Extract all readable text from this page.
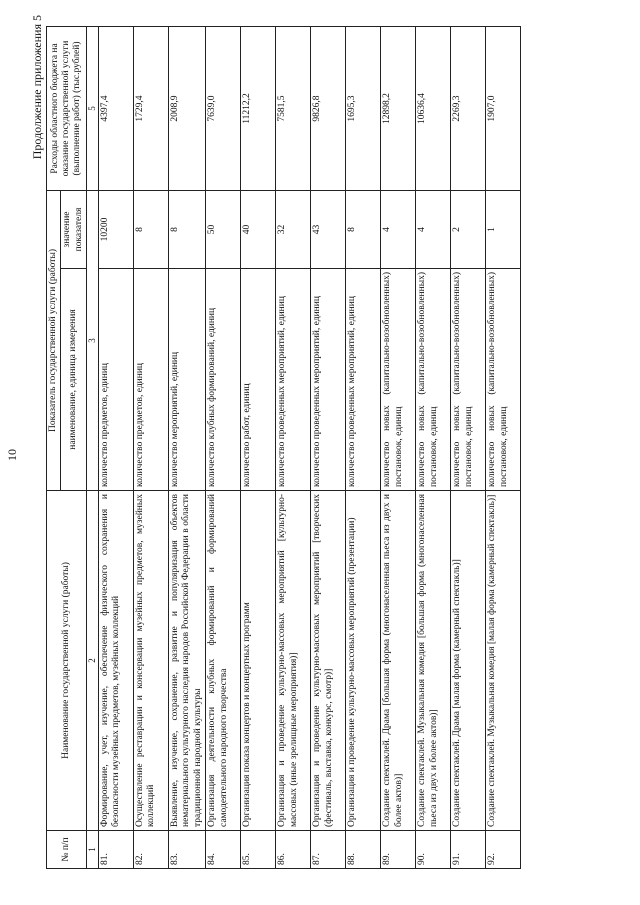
10
Продолжение приложения 5
№ п/п	Наименование государственной услуги (работы)	Показатель государственной услуги (работы)		Расходы областного бюджета на оказание государственной услуги (выполнение работ) (тыс.рублей)
		наименование, единица измерения	значение показателя	
1	2	3		5
81.	Формирование, учет, изучение, обеспечение физического сохранения и безопасности музейных предметов, музейных коллекций	количество предметов, единиц	10200	4397,4
82.	Осуществление реставрации и консервации музейных предметов, музейных коллекций	количество предметов, единиц	8	1729,4
83.	Выявление, изучение, сохранение, развитие и популяризация объектов нематериального культурного наследия народов Российской Федерации в области традиционной народной культуры	количество мероприятий, единиц	8	2008,9
84.	Организация деятельности клубных формирований и формирований самодеятельного народного творчества	количество клубных формирований, единиц	50	7639,0
85.	Организация показа концертов и концертных программ	количество работ, единиц	40	11212,2
86.	Организация и проведение культурно-массовых мероприятий [культурно-массовых (иные зрелищные мероприятия)]	количество проведенных мероприятий, единиц	32	7581,5
87.	Организация и проведение культурно-массовых мероприятий [творческих (фестиваль, выставка, конкурс, смотр)]	количество проведенных мероприятий, единиц	43	9826,8
88.	Организация и проведение культурно-массовых мероприятий (презентации)	количество проведенных мероприятий, единиц	8	1695,3
89.	Создание спектаклей. Драма [большая форма (многонаселенная пьеса из двух и более актов)]	количество новых (капитально-возобновленных) постановок, единиц	4	12898,2
90.	Создание спектаклей. Музыкальная комедия [большая форма (многонаселенная пьеса из двух и более актов)]	количество новых (капитально-возобновленных) постановок, единиц	4	10636,4
91.	Создание спектаклей. Драма [малая форма (камерный спектакль)]	количество новых (капитально-возобновленных) постановок, единиц	2	2269,3
92.	Создание спектаклей. Музыкальная комедия [малая форма (камерный спектакль)]	количество новых (капитально-возобновленных) постановок, единиц	1	1907,0
